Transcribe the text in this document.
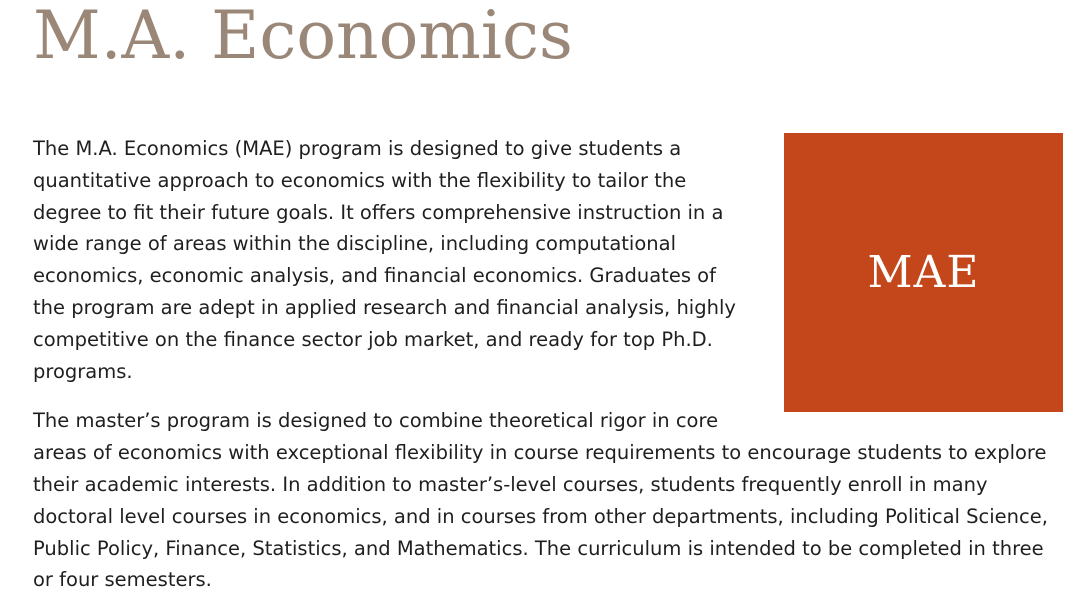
M.A. Economics
MAE

The M.A. Economics (MAE) program is designed to give students a quantitative approach to economics with the flexibility to tailor the degree to fit their future goals. It offers comprehensive instruction in a wide range of areas within the discipline, including computational economics, economic analysis, and financial economics. Graduates of the program are adept in applied research and financial analysis, highly competitive on the finance sector job market, and ready for top Ph.D. programs.

The master’s program is designed to combine theoretical rigor in core areas of economics with exceptional flexibility in course requirements to encourage students to explore their academic interests. In addition to master’s-level courses, students frequently enroll in many doctoral level courses in economics, and in courses from other departments, including Political Science, Public Policy, Finance, Statistics, and Mathematics. The curriculum is intended to be completed in three or four semesters.
